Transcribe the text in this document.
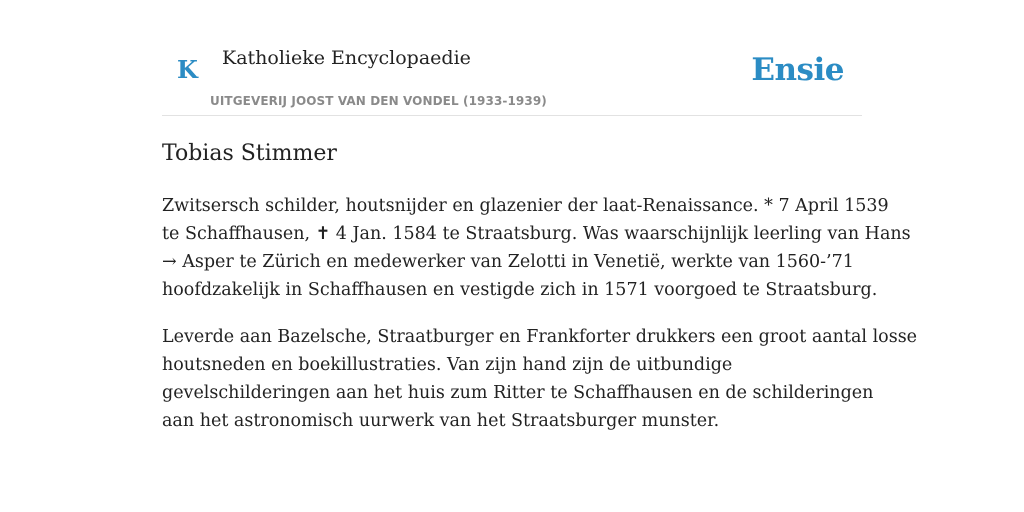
K Katholieke Encyclopaedie
UITGEVERIJ JOOST VAN DEN VONDEL (1933-1939)
Ensie
Tobias Stimmer

Zwitsersch schilder, houtsnijder en glazenier der laat-Renaissance. * 7 April 1539
te Schaffhausen, ✝ 4 Jan. 1584 te Straatsburg. Was waarschijnlijk leerling van Hans
→ Asper te Zürich en medewerker van Zelotti in Venetië, werkte van 1560-’71
hoofdzakelijk in Schaffhausen en vestigde zich in 1571 voorgoed te Straatsburg.

Leverde aan Bazelsche, Straatburger en Frankforter drukkers een groot aantal losse
houtsneden en boekillustraties. Van zijn hand zijn de uitbundige
gevelschilderingen aan het huis zum Ritter te Schaffhausen en de schilderingen
aan het astronomisch uurwerk van het Straatsburger munster.
